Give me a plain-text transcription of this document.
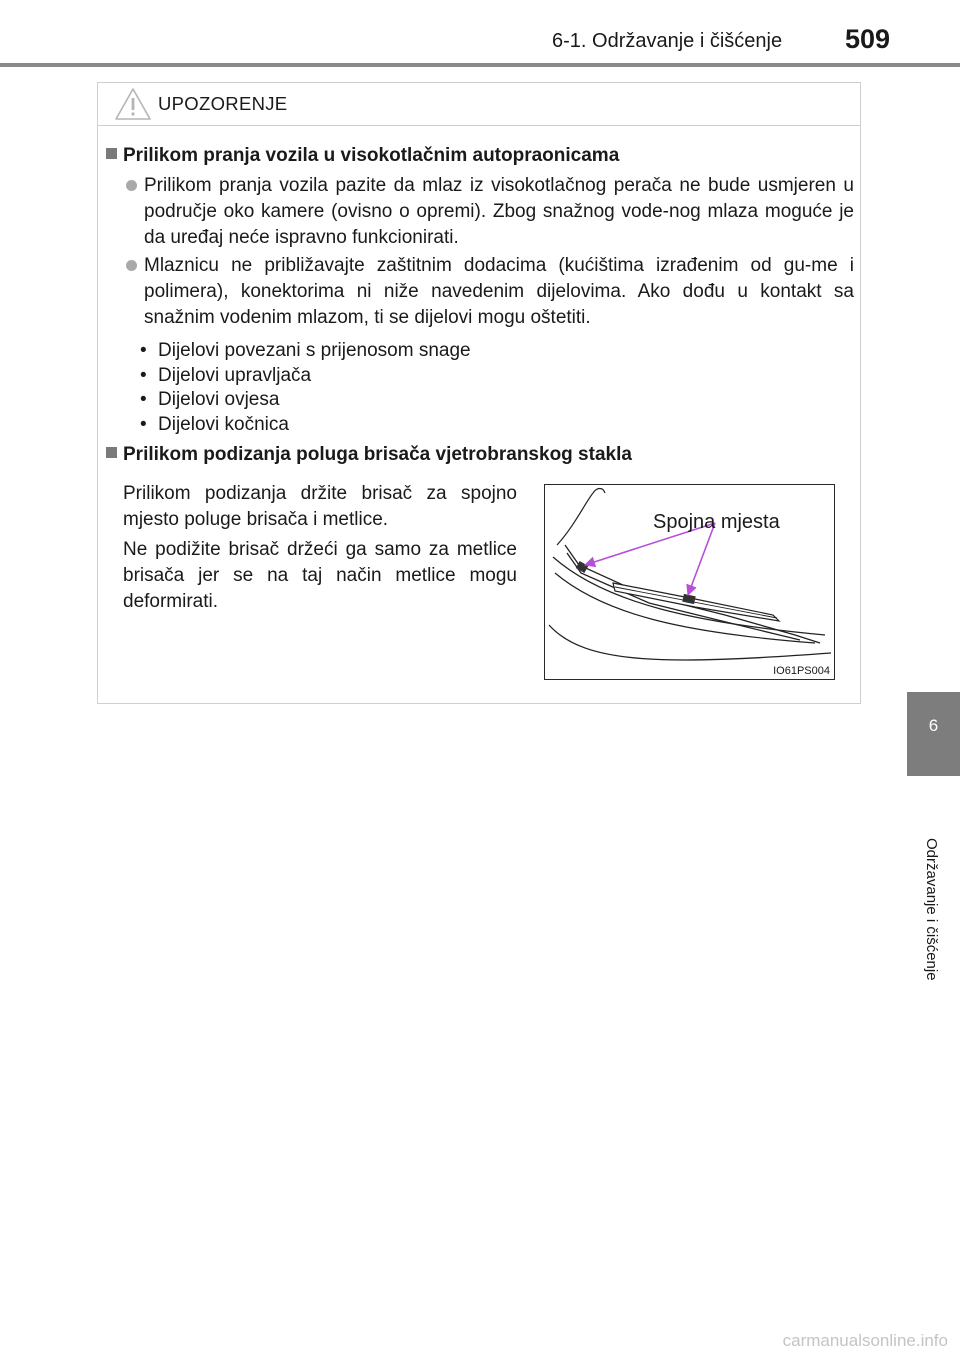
6-1. Održavanje i čišćenje 509
6
Održavanje i čišćenje
UPOZORENJE
Prilikom pranja vozila u visokotlačnim autopraonicama
Prilikom pranja vozila pazite da mlaz iz visokotlačnog perača ne bude usmjeren u područje oko kamere (ovisno o opremi). Zbog snažnog vode-nog mlaza moguće je da uređaj neće ispravno funkcionirati.
Mlaznicu ne približavajte zaštitnim dodacima (kućištima izrađenim od gu-me i polimera), konektorima ni niže navedenim dijelovima. Ako dođu u kontakt sa snažnim vodenim mlazom, ti se dijelovi mogu oštetiti.
• Dijelovi povezani s prijenosom snage
• Dijelovi upravljača
• Dijelovi ovjesa
• Dijelovi kočnica
Prilikom podizanja poluga brisača vjetrobranskog stakla
Prilikom podizanja držite brisač za spojno mjesto poluge brisača i metlice.
Ne podižite brisač držeći ga samo za metlice brisača jer se na taj način metlice mogu deformirati.
Spojna mjesta
IO61PS004
carmanualsonline.info
